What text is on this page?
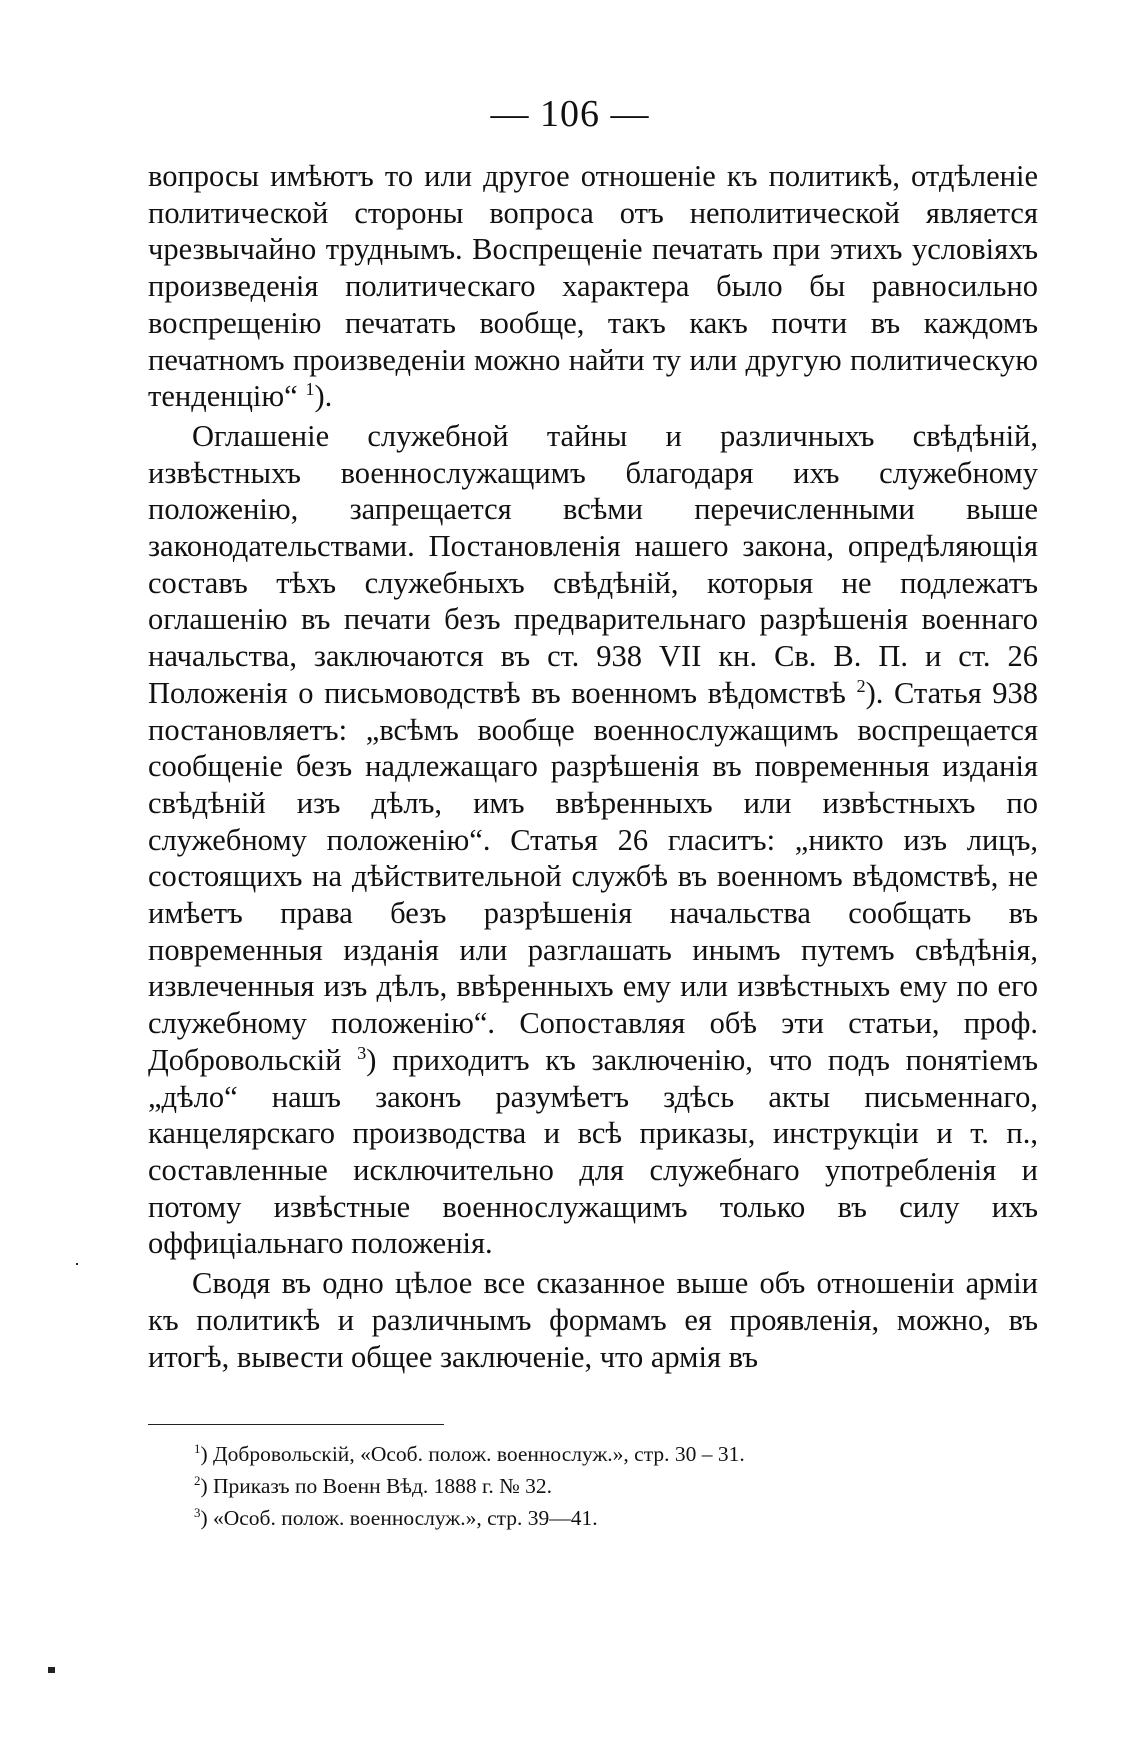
— 106 —

вопросы имѣютъ то или другое отношеніе къ политикѣ, отдѣленіе политической стороны вопроса отъ неполитической является чрезвычайно труднымъ. Воспрещеніе печатать при этихъ условіяхъ произведенія политическаго характера было бы равносильно воспрещенію печатать вообще, такъ какъ почти въ каждомъ печатномъ произведеніи можно найти ту или другую политическую тенденцію“ $^1$).

Оглашеніе служебной тайны и различныхъ свѣдѣній, извѣстныхъ военнослужащимъ благодаря ихъ служебному положенію, запрещается всѣми перечисленными выше законодательствами. Постановленія нашего закона, опредѣляющія составъ тѣхъ служебныхъ свѣдѣній, которыя не подлежатъ оглашенію въ печати безъ предварительнаго разрѣшенія военнаго начальства, заключаются въ ст. 938 VII кн. Св. В. П. и ст. 26 Положенія о письмоводствѣ въ военномъ вѣдомствѣ $^2$). Статья 938 постановляетъ: „всѣмъ вообще военнослужащимъ воспрещается сообщеніе безъ надлежащаго разрѣшенія въ повременныя изданія свѣдѣній изъ дѣлъ, имъ ввѣренныхъ или извѣстныхъ по служебному положенію“. Статья 26 гласитъ: „никто изъ лицъ, состоящихъ на дѣйствительной службѣ въ военномъ вѣдомствѣ, не имѣетъ права безъ разрѣшенія начальства сообщать въ повременныя изданія или разглашать инымъ путемъ свѣдѣнія, извлеченныя изъ дѣлъ, ввѣренныхъ ему или извѣстныхъ ему по его служебному положенію“. Сопоставляя обѣ эти статьи, проф. Добровольскій $^3$) приходитъ къ заключенію, что подъ понятіемъ „дѣло“ нашъ законъ разумѣетъ здѣсь акты письменнаго, канцелярскаго производства и всѣ приказы, инструкціи и т. п., составленные исключительно для служебнаго употребленія и потому извѣстные военнослужащимъ только въ силу ихъ оффиціальнаго положенія.

Сводя въ одно цѣлое все сказанное выше объ отношеніи арміи къ политикѣ и различнымъ формамъ ея проявленія, можно, въ итогѣ, вывести общее заключеніе, что армія въ

$^1$) Добровольскій, «Особ. полож. военнослуж.», стр. 30 – 31.

$^2$) Приказъ по Военн Вѣд. 1888 г. № 32.

$^3$) «Особ. полож. военнослуж.», стр. 39—41.
